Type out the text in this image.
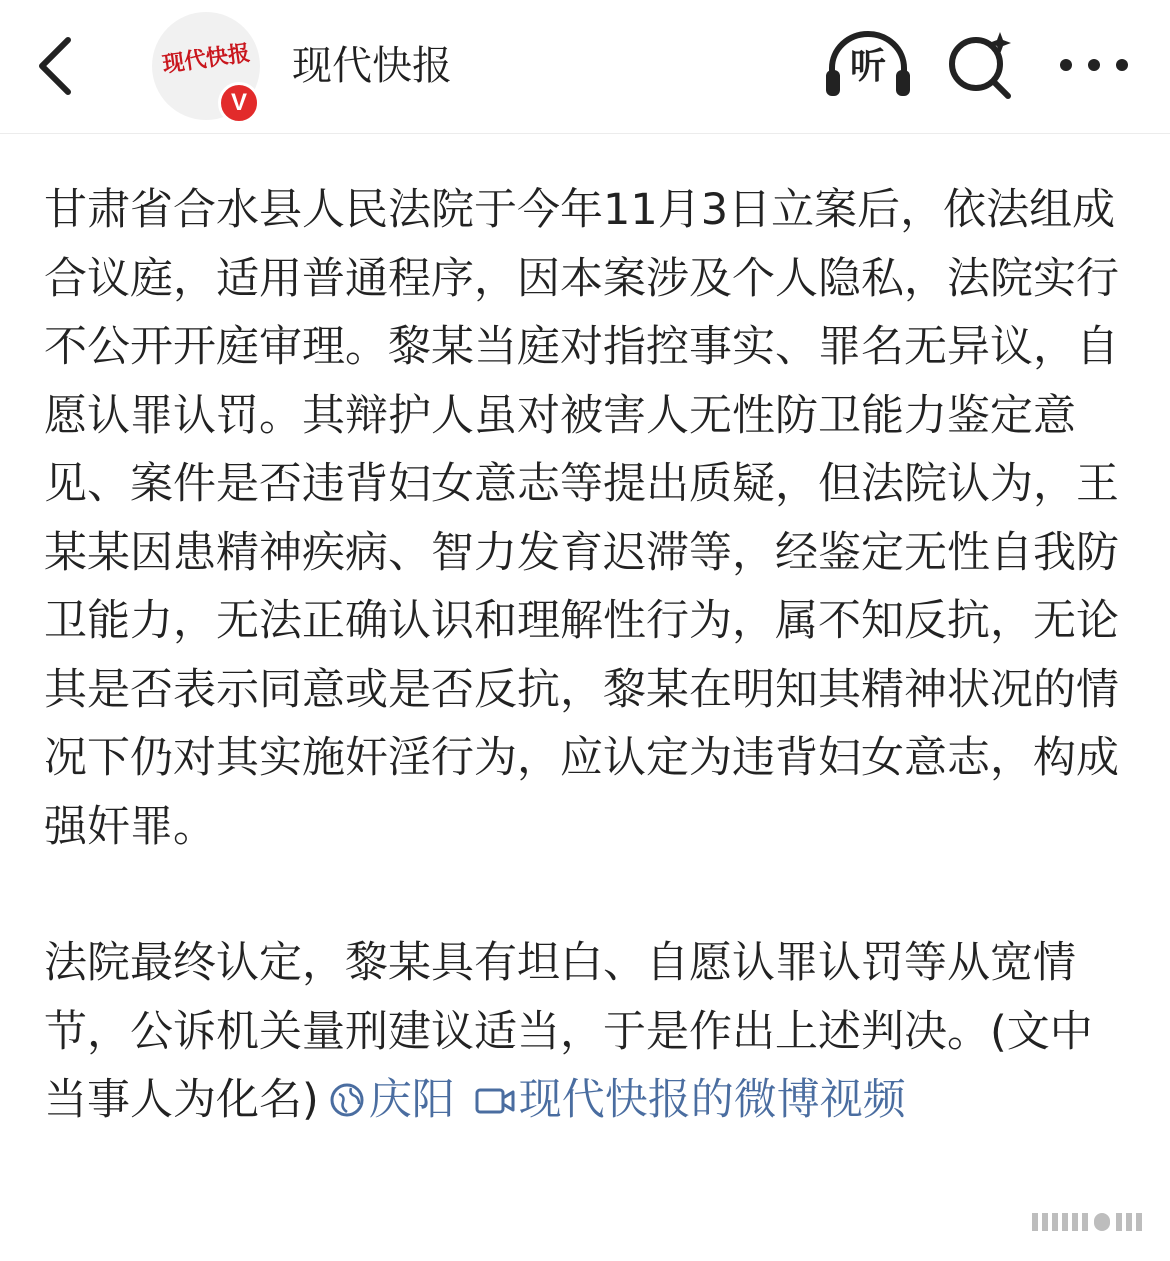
现代快报
V
现代快报	听

甘肃省合水县人民法院于今年11月3日立案后，依法组成合议庭，适用普通程序，因本案涉及个人隐私，法院实行不公开开庭审理。黎某当庭对指控事实、罪名无异议，自愿认罪认罚。其辩护人虽对被害人无性防卫能力鉴定意见、案件是否违背妇女意志等提出质疑，但法院认为，王某某因患精神疾病、智力发育迟滞等，经鉴定无性自我防卫能力，无法正确认识和理解性行为，属不知反抗，无论其是否表示同意或是否反抗，黎某在明知其精神状况的情况下仍对其实施奸淫行为，应认定为违背妇女意志，构成强奸罪。

法院最终认定，黎某具有坦白、自愿认罪认罚等从宽情节，公诉机关量刑建议适当，于是作出上述判决。(文中当事人为化名) 庆阳 现代快报的微博视频
